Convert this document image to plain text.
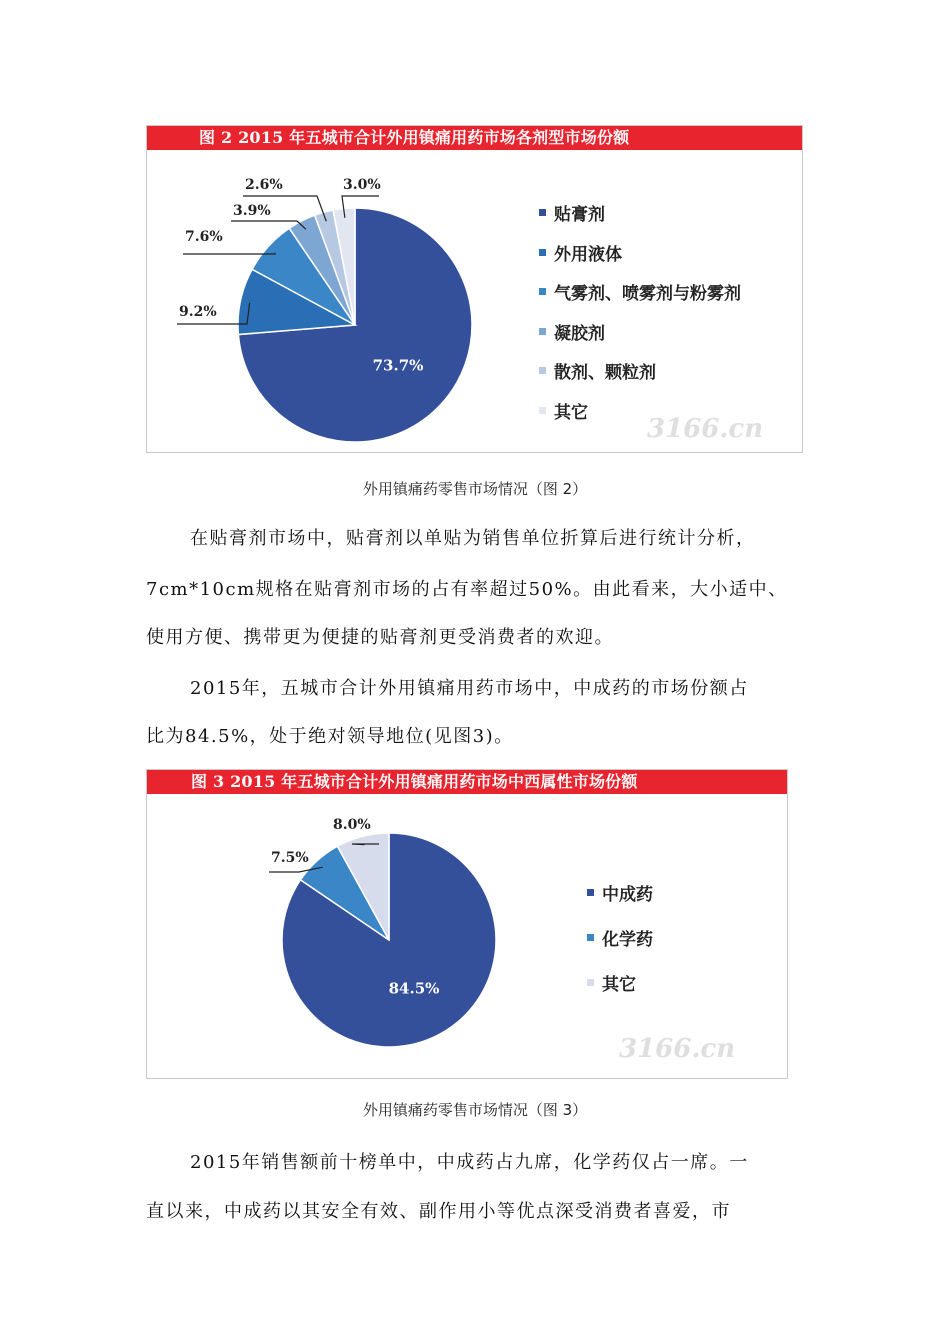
图 2 2015 年五城市合计外用镇痛用药市场各剂型市场份额
73.7%
9.2%
7.6%
3.9%
2.6%	3.0%
贴膏剂
外用液体
气雾剂、喷雾剂与粉雾剂
凝胶剂
散剂、颗粒剂
其它
3166.cn
外用镇痛药零售市场情况（图 2）
在贴膏剂市场中，贴膏剂以单贴为销售单位折算后进行统计分析，
7cm*10cm规格在贴膏剂市场的占有率超过50%。由此看来，大小适中、
使用方便、携带更为便捷的贴膏剂更受消费者的欢迎。
2015年，五城市合计外用镇痛用药市场中，中成药的市场份额占
比为84.5%，处于绝对领导地位(见图3)。
图 3 2015 年五城市合计外用镇痛用药市场中西属性市场份额
84.5%
7.5%
8.0%
中成药
化学药
其它
3166.cn
外用镇痛药零售市场情况（图 3）
2015年销售额前十榜单中，中成药占九席，化学药仅占一席。一
直以来，中成药以其安全有效、副作用小等优点深受消费者喜爱，市
